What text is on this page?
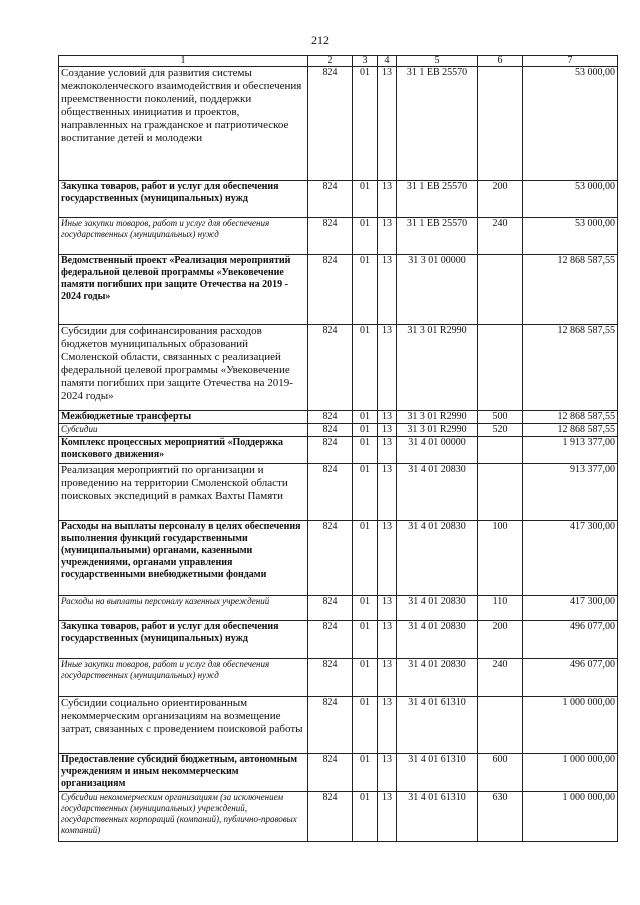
212
1	2	3	4	5	6	7
Создание условий для развития системы межпоколенческого взаимодействия и обеспечения преемственности поколений, поддержки общественных инициатив и проектов, направленных на гражданское и патриотическое воспитание детей и молодежи	824	01	13	31 1 ЕВ 25570		53 000,00
Закупка товаров, работ и услуг для обеспечения государственных (муниципальных) нужд	824	01	13	31 1 ЕВ 25570	200	53 000,00
Иные закупки товаров, работ и услуг для обеспечения государственных (муниципальных) нужд	824	01	13	31 1 ЕВ 25570	240	53 000,00
Ведомственный проект «Реализация мероприятий федеральной целевой программы «Увековечение памяти погибших при защите Отечества на 2019 - 2024 годы»	824	01	13	31 3 01 00000		12 868 587,55
Субсидии для софинансирования расходов бюджетов муниципальных образований Смоленской области, связанных с реализацией федеральной целевой программы «Увековечение памяти погибших при защите Отечества на 2019-2024 годы»	824	01	13	31 3 01 R2990		12 868 587,55
Межбюджетные трансферты	824	01	13	31 3 01 R2990	500	12 868 587,55
Субсидии	824	01	13	31 3 01 R2990	520	12 868 587,55
Комплекс процессных мероприятий «Поддержка поискового движения»	824	01	13	31 4 01 00000		1 913 377,00
Реализация мероприятий по организации и проведению на территории Смоленской области поисковых экспедиций в рамках Вахты Памяти	824	01	13	31 4 01 20830		913 377,00
Расходы на выплаты персоналу в целях обеспечения выполнения функций государственными (муниципальными) органами, казенными учреждениями, органами управления государственными внебюджетными фондами	824	01	13	31 4 01 20830	100	417 300,00
Расходы на выплаты персоналу казенных учреждений	824	01	13	31 4 01 20830	110	417 300,00
Закупка товаров, работ и услуг для обеспечения государственных (муниципальных) нужд	824	01	13	31 4 01 20830	200	496 077,00
Иные закупки товаров, работ и услуг для обеспечения государственных (муниципальных) нужд	824	01	13	31 4 01 20830	240	496 077,00
Субсидии социально ориентированным некоммерческим организациям на возмещение затрат, связанных с проведением поисковой работы	824	01	13	31 4 01 61310		1 000 000,00
Предоставление субсидий бюджетным, автономным учреждениям и иным некоммерческим организациям	824	01	13	31 4 01 61310	600	1 000 000,00
Субсидии некоммерческим организациям (за исключением государственных (муниципальных) учреждений, государственных корпораций (компаний), публично-правовых компаний)	824	01	13	31 4 01 61310	630	1 000 000,00
